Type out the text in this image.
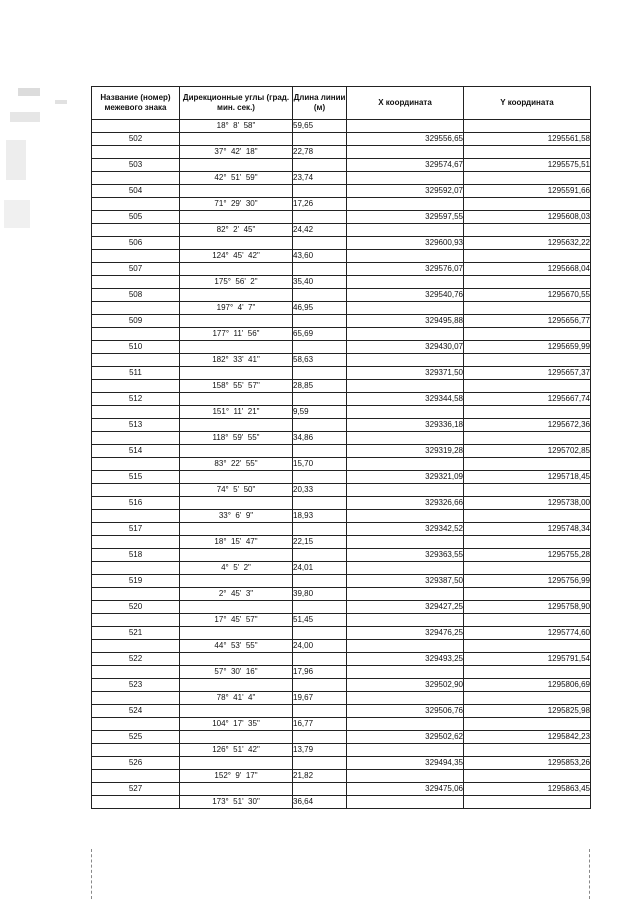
Название (номер) межевого знака	Дирекционные углы (град. мин. сек.)	Длина линии (м)	X координата	Y координата
	18°  8'  58"	59,65		
502			329556,65	1295561,58
	37°  42'  18"	22,78		
503			329574,67	1295575,51
	42°  51'  59"	23,74		
504			329592,07	1295591,66
	71°  29'  30"	17,26		
505			329597,55	1295608,03
	82°  2'  45"	24,42		
506			329600,93	1295632,22
	124°  45'  42"	43,60		
507			329576,07	1295668,04
	175°  56'  2"	35,40		
508			329540,76	1295670,55
	197°  4'  7"	46,95		
509			329495,88	1295656,77
	177°  11'  56"	65,69		
510			329430,07	1295659,99
	182°  33'  41"	58,63		
511			329371,50	1295657,37
	158°  55'  57"	28,85		
512			329344,58	1295667,74
	151°  11'  21"	9,59		
513			329336,18	1295672,36
	118°  59'  55"	34,86		
514			329319,28	1295702,85
	83°  22'  55"	15,70		
515			329321,09	1295718,45
	74°  5'  50"	20,33		
516			329326,66	1295738,00
	33°  6'  9"	18,93		
517			329342,52	1295748,34
	18°  15'  47"	22,15		
518			329363,55	1295755,28
	4°  5'  2"	24,01		
519			329387,50	1295756,99
	2°  45'  3"	39,80		
520			329427,25	1295758,90
	17°  45'  57"	51,45		
521			329476,25	1295774,60
	44°  53'  55"	24,00		
522			329493,25	1295791,54
	57°  30'  16"	17,96		
523			329502,90	1295806,69
	78°  41'  4"	19,67		
524			329506,76	1295825,98
	104°  17'  35"	16,77		
525			329502,62	1295842,23
	126°  51'  42"	13,79		
526			329494,35	1295853,26
	152°  9'  17"	21,82		
527			329475,06	1295863,45
	173°  51'  30"	36,64		
